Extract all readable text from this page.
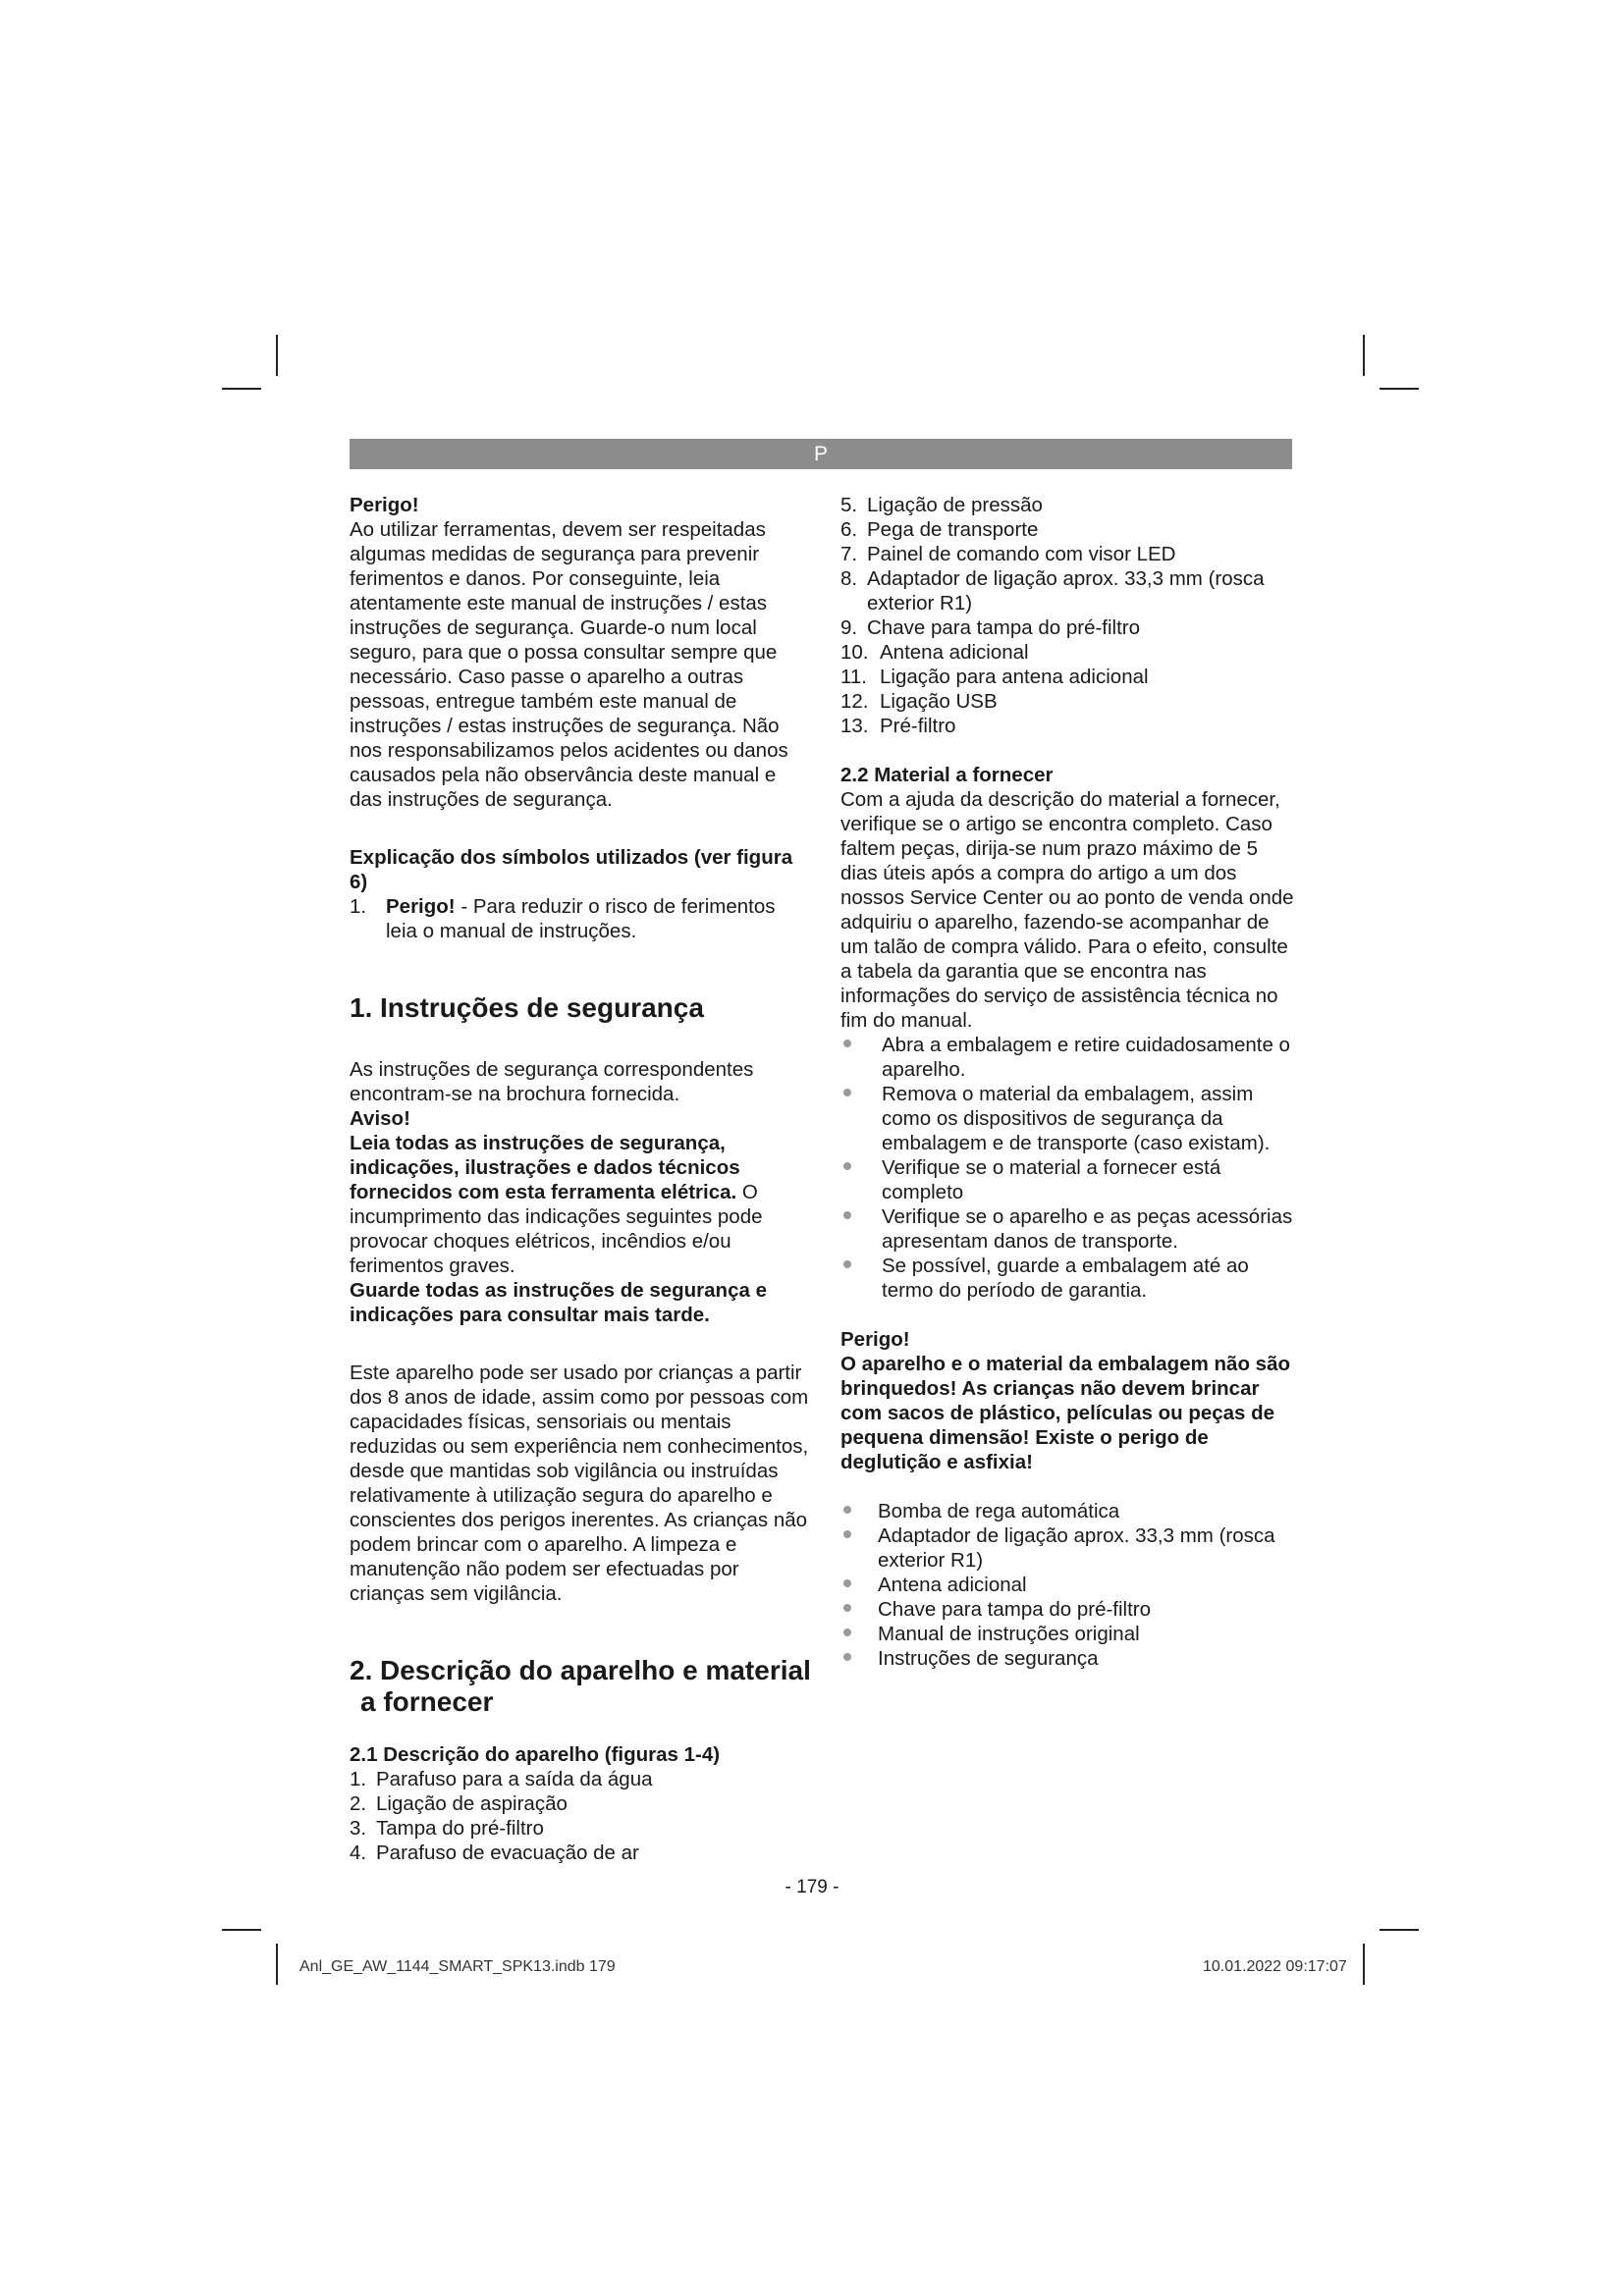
P

Perigo!

Ao utilizar ferramentas, devem ser respeitadas algumas medidas de segurança para prevenir ferimentos e danos. Por conseguinte, leia atentamente este manual de instruções / estas instruções de segurança. Guarde-o num local seguro, para que o possa consultar sempre que necessário. Caso passe o aparelho a outras pessoas, entregue também este manual de instruções / estas instruções de segurança. Não nos responsabilizamos pelos acidentes ou danos causados pela não observância deste manual e das instruções de segurança.

Explicação dos símbolos utilizados (ver figura 6)

1. Perigo! - Para reduzir o risco de ferimentos leia o manual de instruções.
1. Instruções de segurança

As instruções de segurança correspondentes encontram-se na brochura fornecida.

Aviso!

Leia todas as instruções de segurança, indicações, ilustrações e dados técnicos fornecidos com esta ferramenta elétrica. O incumprimento das indicações seguintes pode provocar choques elétricos, incêndios e/ou ferimentos graves.

Guarde todas as instruções de segurança e indicações para consultar mais tarde.

Este aparelho pode ser usado por crianças a partir dos 8 anos de idade, assim como por pessoas com capacidades físicas, sensoriais ou mentais reduzidas ou sem experiência nem conhecimentos, desde que mantidas sob vigilância ou instruídas relativamente à utilização segura do aparelho e conscientes dos perigos inerentes. As crianças não podem brincar com o aparelho. A limpeza e manutenção não podem ser efectuadas por crianças sem vigilância.

2. Descrição do aparelho e material
a fornecer

2.1 Descrição do aparelho (figuras 1-4)

1. Parafuso para a saída da água
2. Ligação de aspiração
3. Tampa do pré-filtro
4. Parafuso de evacuação de ar
5. Ligação de pressão
6. Pega de transporte
7. Painel de comando com visor LED
8. Adaptador de ligação aprox. 33,3 mm (rosca exterior R1)
9. Chave para tampa do pré-filtro
10. Antena adicional
11. Ligação para antena adicional
12. Ligação USB
13. Pré-filtro

2.2 Material a fornecer

Com a ajuda da descrição do material a fornecer, verifique se o artigo se encontra completo. Caso faltem peças, dirija-se num prazo máximo de 5 dias úteis após a compra do artigo a um dos nossos Service Center ou ao ponto de venda onde adquiriu o aparelho, fazendo-se acompanhar de um talão de compra válido. Para o efeito, consulte a tabela da garantia que se encontra nas informações do serviço de assistência técnica no fim do manual.

Abra a embalagem e retire cuidadosamente o aparelho.
Remova o material da embalagem, assim como os dispositivos de segurança da embalagem e de transporte (caso existam).
Verifique se o material a fornecer está completo
Verifique se o aparelho e as peças acessórias apresentam danos de transporte.
Se possível, guarde a embalagem até ao termo do período de garantia.

Perigo!

O aparelho e o material da embalagem não são brinquedos! As crianças não devem brincar com sacos de plástico, películas ou peças de pequena dimensão! Existe o perigo de deglutição e asfixia!

Bomba de rega automática
Adaptador de ligação aprox. 33,3 mm (rosca exterior R1)
Antena adicional
Chave para tampa do pré-filtro
Manual de instruções original
Instruções de segurança
- 179 -
Anl_GE_AW_1144_SMART_SPK13.indb 179	10.01.2022 09:17:07
